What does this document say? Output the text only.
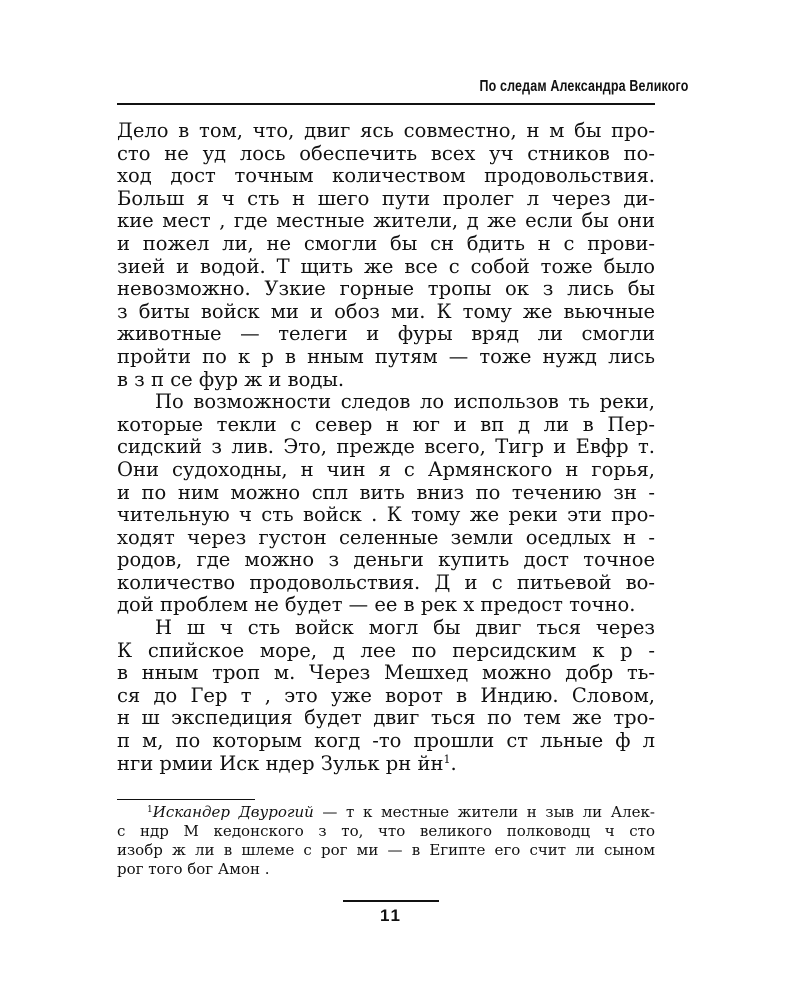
По следам Александра Великого
Дело в том, что, двиг ясь совместно, н м бы про-
сто не уд лось обеспечить всех уч стников по-
ход дост точным количеством продовольствия.
Больш я ч сть н шего пути пролег л через ди-
кие мест , где местные жители, д же если бы они
и пожел ли, не смогли бы сн бдить н с прови-
зией и водой. Т щить же все с собой тоже было
невозможно. Узкие горные тропы ок з лись бы
з биты войск ми и обоз ми. К тому же вьючные
животные — телеги и фуры вряд ли смогли
пройти по к р в нным путям — тоже нужд лись
в з п се фур ж и воды.
По возможности следов ло использов ть реки,
которые текли с север н юг и вп д ли в Пер-
сидский з лив. Это, прежде всего, Тигр и Евфр т.
Они судоходны, н чин я с Армянского н горья,
и по ним можно спл вить вниз по течению зн -
чительную ч сть войск . К тому же реки эти про-
ходят через густон селенные земли оседлых н -
родов, где можно з деньги купить дост точное
количество продовольствия. Д и с питьевой во-
дой проблем не будет — ее в рек х предост точно.
Н ш ч сть войск могл бы двиг ться через
К спийское море, д лее по персидским к р -
в нным троп м. Через Мешхед можно добр ть-
ся до Гер т , это уже ворот в Индию. Словом,
н ш экспедиция будет двиг ться по тем же тро-
п м, по которым когд -то прошли ст льные ф л
нги рмии Иск ндер Зульк рн йн$^1$.
$^1$Искандер Двурогий — т к местные жители н зыв ли Алек-
с ндр М кедонского з то, что великого полководц ч сто
изобр ж ли в шлеме с рог ми — в Египте его счит ли сыном
рог того бог Амон .
11
